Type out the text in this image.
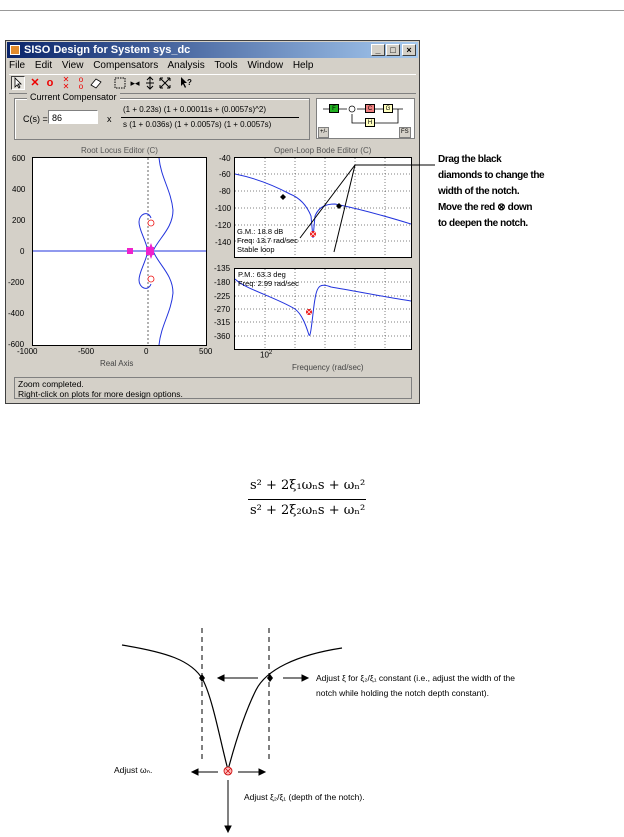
SISO Design for System sys_dc	_	□	×
File Edit View Compensators Analysis Tools Window Help
✕ o	✕
✕
o
o	▸◂	?
Current Compensator
C(s) = 86	x
(1 + 0.23s) (1 + 0.00011s + (0.0057s)^2)
s (1 + 0.036s) (1 + 0.0057s) (1 + 0.0057s)
F	C	G
H
+/-	FS
Root Locus Editor (C)
600
400
200
0
-200
-400
-600
-1000	-500	0	500
Real Axis
Open-Loop Bode Editor (C)
-40
-60
-80
-100
-120
-140
G.M.: 18.8 dB
Freq: 13.7 rad/sec
Stable loop
-135
-180
-225
-270
-315
-360
P.M.: 63.3 deg
Freq: 2.99 rad/sec
$10^2$
Frequency (rad/sec)
Zoom completed.
Right-click on plots for more design options.
Drag the black
diamonds to change the
width of the notch.
Move the red ⊗ down
to deepen the notch.
s² + 2ξ₁ωₙs + ωₙ²
s² + 2ξ₂ωₙs + ωₙ²
Adjust ξ for ξ₂/ξ₁ constant (i.e., adjust the width of the
notch while holding the notch depth constant).
Adjust ωₙ.
Adjust ξ₂/ξ₁ (depth of the notch).
